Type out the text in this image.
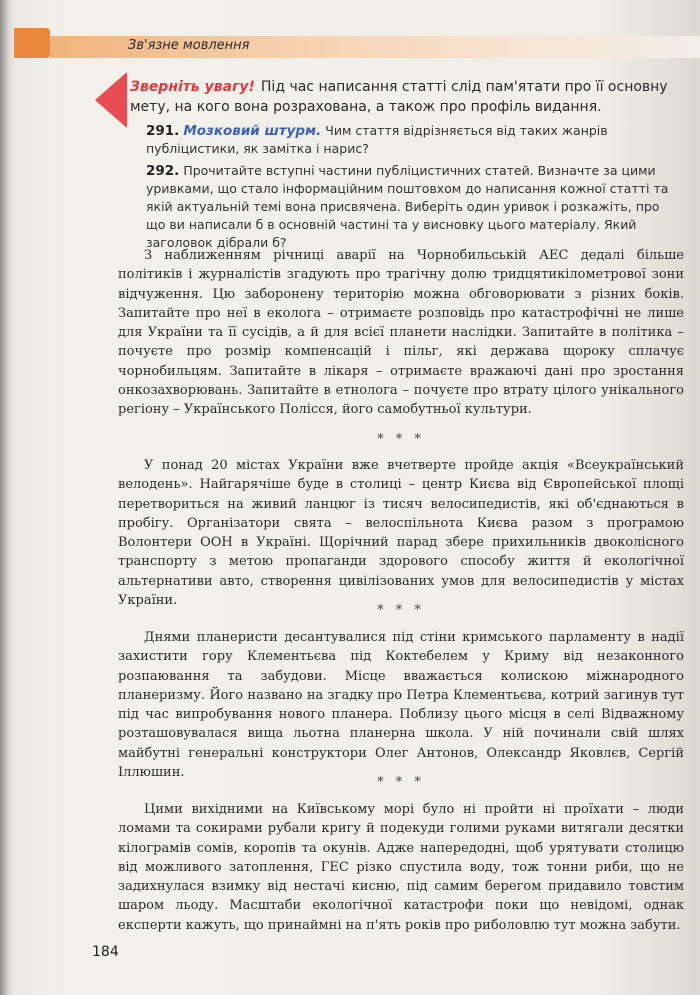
Зв'язне мовлення
Зверніть увагу! Під час написання статті слід пам'ятати про її основну мету, на кого вона розрахована, а також про профіль видання.
291. Мозковий штурм. Чим стаття відрізняється від таких жанрів публіцистики, як замітка і нарис?
292. Прочитайте вступні частини публіцистичних статей. Визначте за цими уривками, що стало інформаційним поштовхом до написання кожної статті та якій актуальній темі вона присвячена. Виберіть один уривок і розкажіть, про що ви написали б в основній частині та у висновку цього матеріалу. Який заголовок дібрали б?

З наближенням річниці аварії на Чорнобильській АЕС дедалі більше політиків і журналістів згадують про трагічну долю тридцятикілометрової зони відчуження. Цю заборонену територію можна обговорювати з різних боків. Запитайте про неї в еколога – отримаєте розповідь про катастрофічні не лише для України та її сусідів, а й для всієї планети наслідки. Запитайте в політика – почуєте про розмір компенсацій і пільг, які держава щороку сплачує чорнобильцям. Запитайте в лікаря – отримаєте вражаючі дані про зростання онкозахворювань. Запитайте в етнолога – почуєте про втрату цілого унікального регіону – Українського Полісся, його самобутньої культури.

* * *

У понад 20 містах України вже вчетверте пройде акція «Всеукраїнський велодень». Найгарячіше буде в столиці – центр Києва від Європейської площі перетвориться на живий ланцюг із тисяч велосипедистів, які об'єднаються в пробігу. Організатори свята – велоспільнота Києва разом з програмою Волонтери ООН в Україні. Щорічний парад збере прихильників двоколісного транспорту з метою пропаганди здорового способу життя й екологічної альтернативи авто, створення цивілізованих умов для велосипедистів у містах України.

* * *

Днями планеристи десантувалися під стіни кримського парламенту в надії захистити гору Клементьєва під Коктебелем у Криму від незаконного розпаювання та забудови. Місце вважається колискою міжнародного планеризму. Його названо на згадку про Петра Клементьєва, котрий загинув тут під час випробування нового планера. Поблизу цього місця в селі Відважному розташовувалася вища льотна планерна школа. У ній починали свій шлях майбутні генеральні конструктори Олег Антонов, Олександр Яковлєв, Сергій Іллюшин.

* * *

Цими вихідними на Київському морі було ні пройти ні проїхати – люди ломами та сокирами рубали кригу й подекуди голими руками витягали десятки кілограмів сомів, коропів та окунів. Адже напередодні, щоб урятувати столицю від можливого затоплення, ГЕС різко спустила воду, тож тонни риби, що не задихнулася взимку від нестачі кисню, під самим берегом придавило товстим шаром льоду. Масштаби екологічної катастрофи поки що невідомі, однак експерти кажуть, що принаймні на п'ять років про риболовлю тут можна забути.

184
